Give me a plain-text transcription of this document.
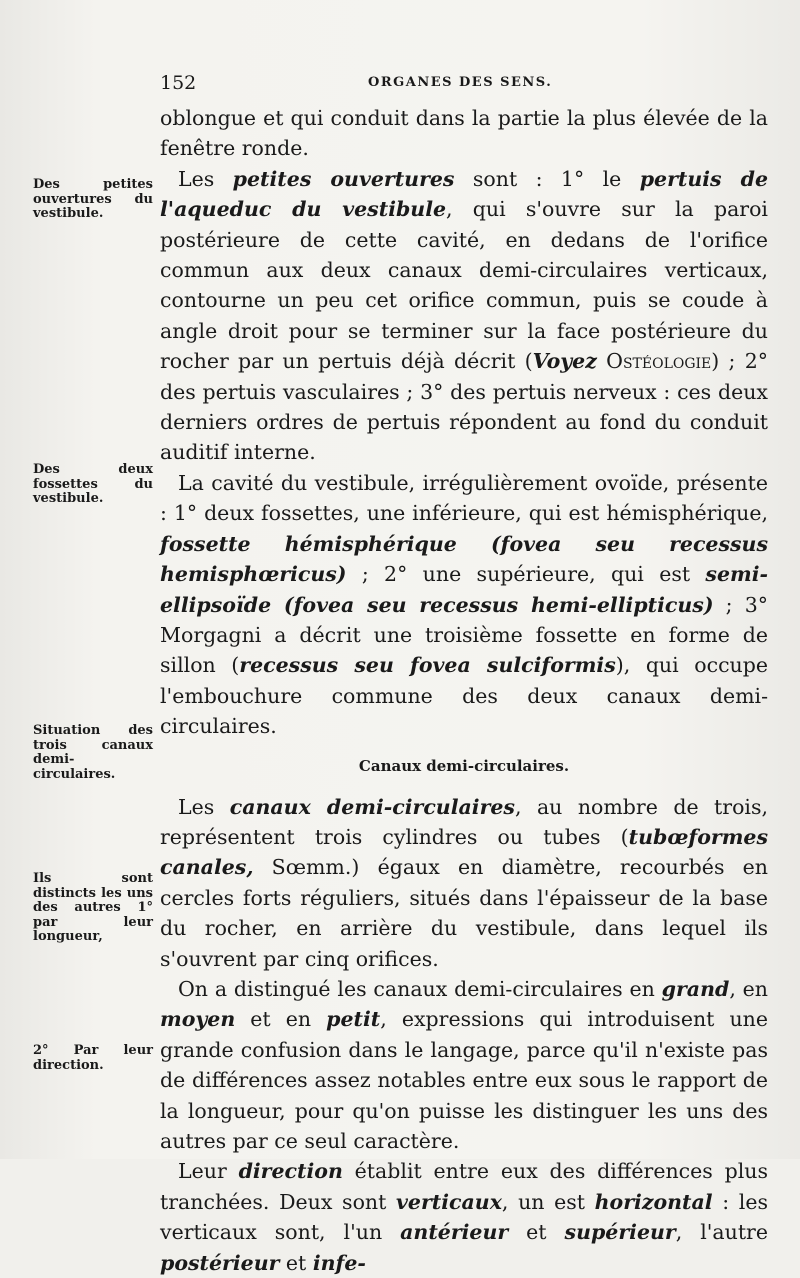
152	ORGANES DES SENS.
Des petites ouvertures du vestibule.
Des deux fossettes du vestibule.
Situation des trois canaux demi-circulaires.
Ils sont distincts les uns des autres 1° par leur longueur,
2° Par leur direction.

oblongue et qui conduit dans la partie la plus élevée de la fenêtre ronde.

Les petites ouvertures sont : 1° le pertuis de l'aqueduc du vestibule, qui s'ouvre sur la paroi postérieure de cette cavité, en dedans de l'orifice commun aux deux canaux demi-circulaires verticaux, contourne un peu cet orifice commun, puis se coude à angle droit pour se terminer sur la face postérieure du rocher par un pertuis déjà décrit (Voyez Ostéologie) ; 2° des pertuis vasculaires ; 3° des pertuis nerveux : ces deux derniers ordres de pertuis répondent au fond du conduit auditif interne.

La cavité du vestibule, irrégulièrement ovoïde, présente : 1° deux fossettes, une inférieure, qui est hémisphérique, fossette hémisphérique (fovea seu recessus hemisphœricus) ; 2° une supérieure, qui est semi-ellipsoïde (fovea seu recessus hemi-ellipticus) ; 3° Morgagni a décrit une troisième fossette en forme de sillon (recessus seu fovea sulciformis), qui occupe l'embouchure commune des deux canaux demi-circulaires.

Canaux demi-circulaires.

Les canaux demi-circulaires, au nombre de trois, représentent trois cylindres ou tubes (tubœformes canales, Sœmm.) égaux en diamètre, recourbés en cercles forts réguliers, situés dans l'épaisseur de la base du rocher, en arrière du vestibule, dans lequel ils s'ouvrent par cinq orifices.

On a distingué les canaux demi-circulaires en grand, en moyen et en petit, expressions qui introduisent une grande confusion dans le langage, parce qu'il n'existe pas de différences assez notables entre eux sous le rapport de la longueur, pour qu'on puisse les distinguer les uns des autres par ce seul caractère.

Leur direction établit entre eux des différences plus tranchées. Deux sont verticaux, un est horizontal : les verticaux sont, l'un antérieur et supérieur, l'autre postérieur et infe-
